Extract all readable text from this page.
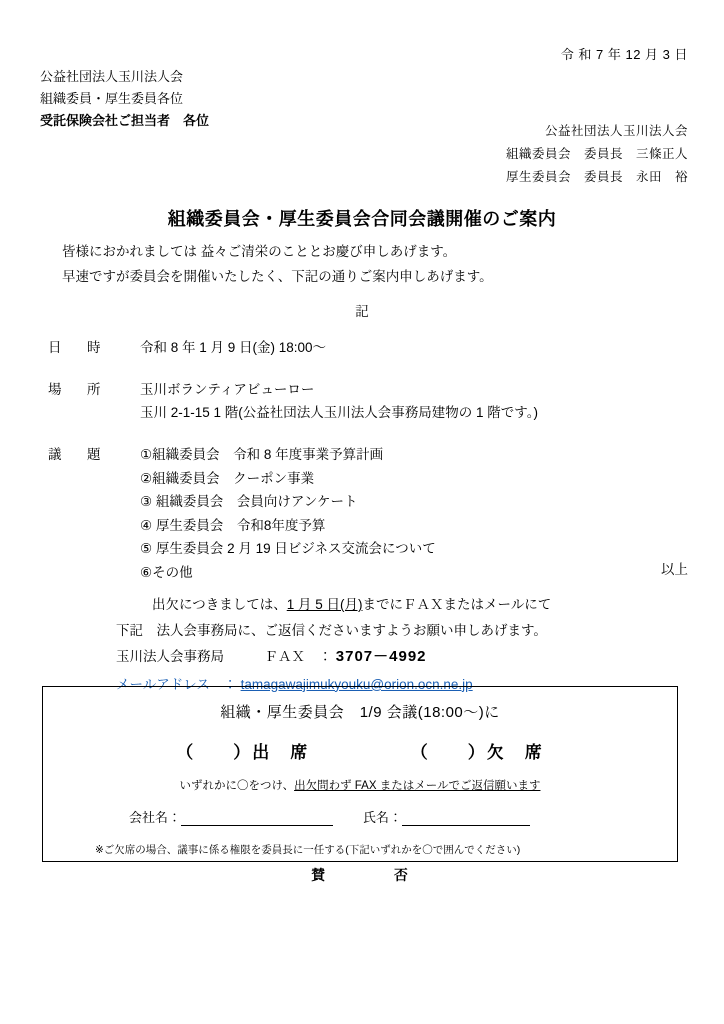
令 和 7 年 12 月 3 日
公益社団法人玉川法人会
組織委員・厚生委員各位
受託保険会社ご担当者　各位
公益社団法人玉川法人会
組織委員会　委員長　三條正人
厚生委員会　委員長　永田　裕
組織委員会・厚生委員会合同会議開催のご案内
皆様におかれましては 益々ご清栄のこととお慶び申しあげます。
早速ですが委員会を開催いたしたく、下記の通りご案内申しあげます。
記
日　時	令和 8 年 1 月 9 日(金) 18:00～
場　所	玉川ボランティアビューロー
玉川 2-1-15 1 階(公益社団法人玉川法人会事務局建物の 1 階です。)
議　題	①組織委員会　令和 8 年度事業予算計画
②組織委員会　クーポン事業
③ 組織委員会　会員向けアンケート
④ 厚生委員会　令和8年度予算
⑤ 厚生委員会 2 月 19 日ビジネス交流会について
⑥その他	以上
出欠につきましては、1 月 5 日(月)までにＦＡＸまたはメールにて
下記　法人会事務局に、ご返信くださいますようお願い申しあげます。
玉川法人会事務局　　　ＦＡＸ　： 3707－4992
メールアドレス　： tamagawajimukyouku@orion.ocn.ne.jp
組織・厚生委員会　1/9 会議(18:00～)に
（　　）出　席	（　　）欠　席
いずれかに〇をつけ、出欠問わず FAX またはメールでご返信願います
会社名：	氏名：
※ご欠席の場合、議事に係る権限を委員長に一任する(下記いずれかを〇で囲んでください)
賛	否
